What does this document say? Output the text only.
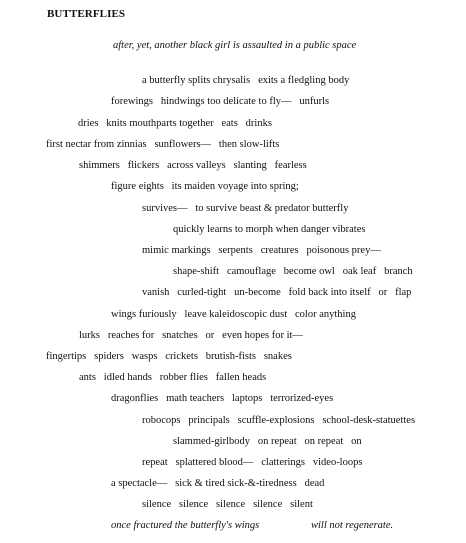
BUTTERFLIES
after, yet, another black girl is assaulted in a public space
a butterfly splits chrysalis   exits a fledgling body
forewings   hindwings too delicate to fly—   unfurls
dries   knits mouthparts together   eats   drinks
first nectar from zinnias   sunflowers—   then slow-lifts
shimmers   flickers   across valleys   slanting   fearless
figure eights   its maiden voyage into spring;
survives—   to survive beast & predator butterfly
quickly learns to morph when danger vibrates
mimic markings   serpents   creatures   poisonous prey—
shape-shift   camouflage   become owl   oak leaf   branch
vanish   curled-tight   un-become   fold back into itself   or   flap
wings furiously   leave kaleidoscopic dust   color anything
lurks   reaches for   snatches   or   even hopes for it—
fingertips   spiders   wasps   crickets   brutish-fists   snakes
ants   idled hands   robber flies   fallen heads
dragonflies   math teachers   laptops   terrorized-eyes
robocops   principals   scuffle-explosions   school-desk-statuettes
slammed-girlbody   on repeat   on repeat   on
repeat   splattered blood—   clatterings   video-loops
a spectacle—   sick & tired sick-&-tiredness   dead
silence   silence   silence   silence   silent
once fractured the butterfly's wings	will not regenerate.
